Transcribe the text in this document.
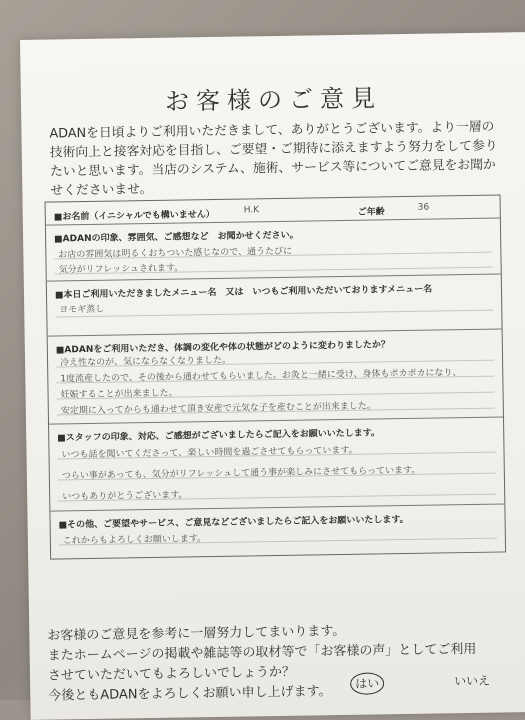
お客様のご意見
ADANを日頃よりご利用いただきまして、ありがとうございます。より一層の技術向上と接客対応を目指し、ご要望・ご期待に添えますよう努力をして参りたいと思います。当店のシステム、施術、サービス等についてご意見をお聞かせくださいませ。
■お名前（イニシャルでも構いません）	H.K	ご年齢	36
■ADANの印象、雰囲気、ご感想など　お聞かせください。
お店の雰囲気は明るくおちついた感じなので、通うたびに
気分がリフレッシュされます。
■本日ご利用いただきましたメニュー名　又は　いつもご利用いただいておりますメニュー名
ヨモギ蒸し
■ADANをご利用いただき、体調の変化や体の状態がどのように変わりましたか？
冷え性なのが、気にならなくなりました。
1度流産したので、その後から通わせてもらいました。お灸と一緒に受け、身体もポカポカになり、
妊娠することが出来ました。
安定期に入ってからも通わせて頂き安産で元気な子を産むことが出来ました。
■スタッフの印象、対応、ご感想がございましたらご記入をお願いいたします。
いつも話を聞いてくださって、楽しい時間を過ごさせてもらっています。
つらい事があっても、気分がリフレッシュして通う事が楽しみにさせてもらっています。
いつもありがとうございます。
■その他、ご要望やサービス、ご意見などございましたらご記入をお願いいたします。
これからもよろしくお願いします。
お客様のご意見を参考に一層努力してまいります。
またホームページの掲載や雑誌等の取材等で「お客様の声」としてご利用
させていただいてもよろしいでしょうか？
今後ともADANをよろしくお願い申し上げます。
はい	いいえ
